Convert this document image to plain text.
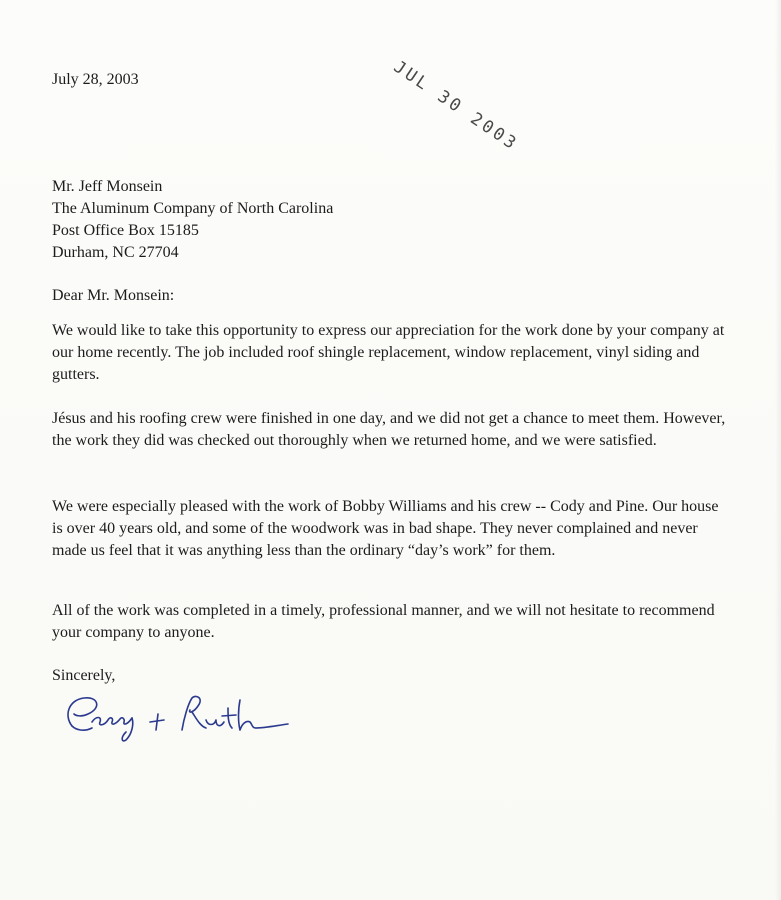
July 28, 2003	JUL 30 2003
Mr. Jeff Monsein
The Aluminum Company of North Carolina
Post Office Box 15185
Durham, NC 27704
Dear Mr. Monsein:
We would like to take this opportunity to express our appreciation for the work done by your company at our home recently. The job included roof shingle replacement, window replacement, vinyl siding and gutters.
Jésus and his roofing crew were finished in one day, and we did not get a chance to meet them. However, the work they did was checked out thoroughly when we returned home, and we were satisfied.
We were especially pleased with the work of Bobby Williams and his crew -- Cody and Pine. Our house is over 40 years old, and some of the woodwork was in bad shape. They never complained and never made us feel that it was anything less than the ordinary “day’s work” for them.
All of the work was completed in a timely, professional manner, and we will not hesitate to recommend your company to anyone.
Sincerely,
